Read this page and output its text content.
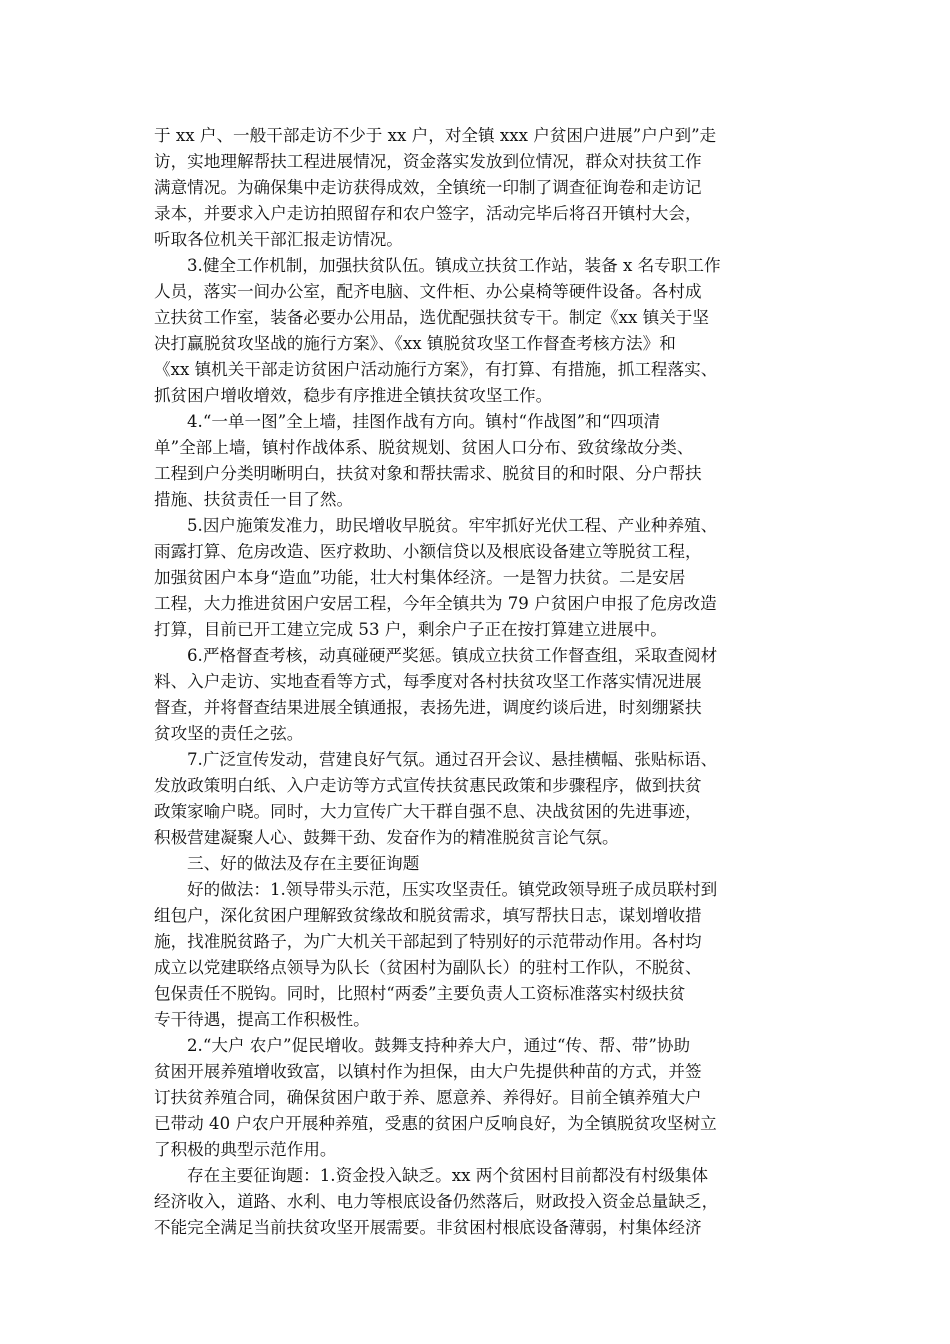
于 xx 户、一般干部走访不少于 xx 户，对全镇 xxx 户贫困户进展”户户到”走
访，实地理解帮扶工程进展情况，资金落实发放到位情况，群众对扶贫工作
满意情况。为确保集中走访获得成效，全镇统一印制了调查征询卷和走访记
录本，并要求入户走访拍照留存和农户签字，活动完毕后将召开镇村大会，
听取各位机关干部汇报走访情况。
3.健全工作机制，加强扶贫队伍。镇成立扶贫工作站，装备 x 名专职工作
人员，落实一间办公室，配齐电脑、文件柜、办公桌椅等硬件设备。各村成
立扶贫工作室，装备必要办公用品，选优配强扶贫专干。制定《xx 镇关于坚
决打赢脱贫攻坚战的施行方案》、《xx 镇脱贫攻坚工作督查考核方法》和
《xx 镇机关干部走访贫困户活动施行方案》，有打算、有措施，抓工程落实、
抓贫困户增收增效，稳步有序推进全镇扶贫攻坚工作。
4.“一单一图”全上墙，挂图作战有方向。镇村“作战图”和“四项清
单”全部上墙，镇村作战体系、脱贫规划、贫困人口分布、致贫缘故分类、
工程到户分类明晰明白，扶贫对象和帮扶需求、脱贫目的和时限、分户帮扶
措施、扶贫责任一目了然。
5.因户施策发准力，助民增收早脱贫。牢牢抓好光伏工程、产业种养殖、
雨露打算、危房改造、医疗救助、小额信贷以及根底设备建立等脱贫工程，
加强贫困户本身“造血”功能，壮大村集体经济。一是智力扶贫。二是安居
工程，大力推进贫困户安居工程，今年全镇共为 79 户贫困户申报了危房改造
打算，目前已开工建立完成 53 户，剩余户子正在按打算建立进展中。
6.严格督查考核，动真碰硬严奖惩。镇成立扶贫工作督查组，采取查阅材
料、入户走访、实地查看等方式，每季度对各村扶贫攻坚工作落实情况进展
督查，并将督查结果进展全镇通报，表扬先进，调度约谈后进，时刻绷紧扶
贫攻坚的责任之弦。
7.广泛宣传发动，营建良好气氛。通过召开会议、悬挂横幅、张贴标语、
发放政策明白纸、入户走访等方式宣传扶贫惠民政策和步骤程序，做到扶贫
政策家喻户晓。同时，大力宣传广大干群自强不息、决战贫困的先进事迹，
积极营建凝聚人心、鼓舞干劲、发奋作为的精准脱贫言论气氛。
三、好的做法及存在主要征询题
好的做法：1.领导带头示范，压实攻坚责任。镇党政领导班子成员联村到
组包户，深化贫困户理解致贫缘故和脱贫需求，填写帮扶日志，谋划增收措
施，找准脱贫路子，为广大机关干部起到了特别好的示范带动作用。各村均
成立以党建联络点领导为队长（贫困村为副队长）的驻村工作队，不脱贫、
包保责任不脱钩。同时，比照村“两委”主要负责人工资标准落实村级扶贫
专干待遇，提高工作积极性。
2.“大户 农户”促民增收。鼓舞支持种养大户，通过“传、帮、带”协助
贫困开展养殖增收致富，以镇村作为担保，由大户先提供种苗的方式，并签
订扶贫养殖合同，确保贫困户敢于养、愿意养、养得好。目前全镇养殖大户
已带动 40 户农户开展种养殖，受惠的贫困户反响良好，为全镇脱贫攻坚树立
了积极的典型示范作用。
存在主要征询题：1.资金投入缺乏。xx 两个贫困村目前都没有村级集体
经济收入，道路、水利、电力等根底设备仍然落后，财政投入资金总量缺乏，
不能完全满足当前扶贫攻坚开展需要。非贫困村根底设备薄弱，村集体经济
